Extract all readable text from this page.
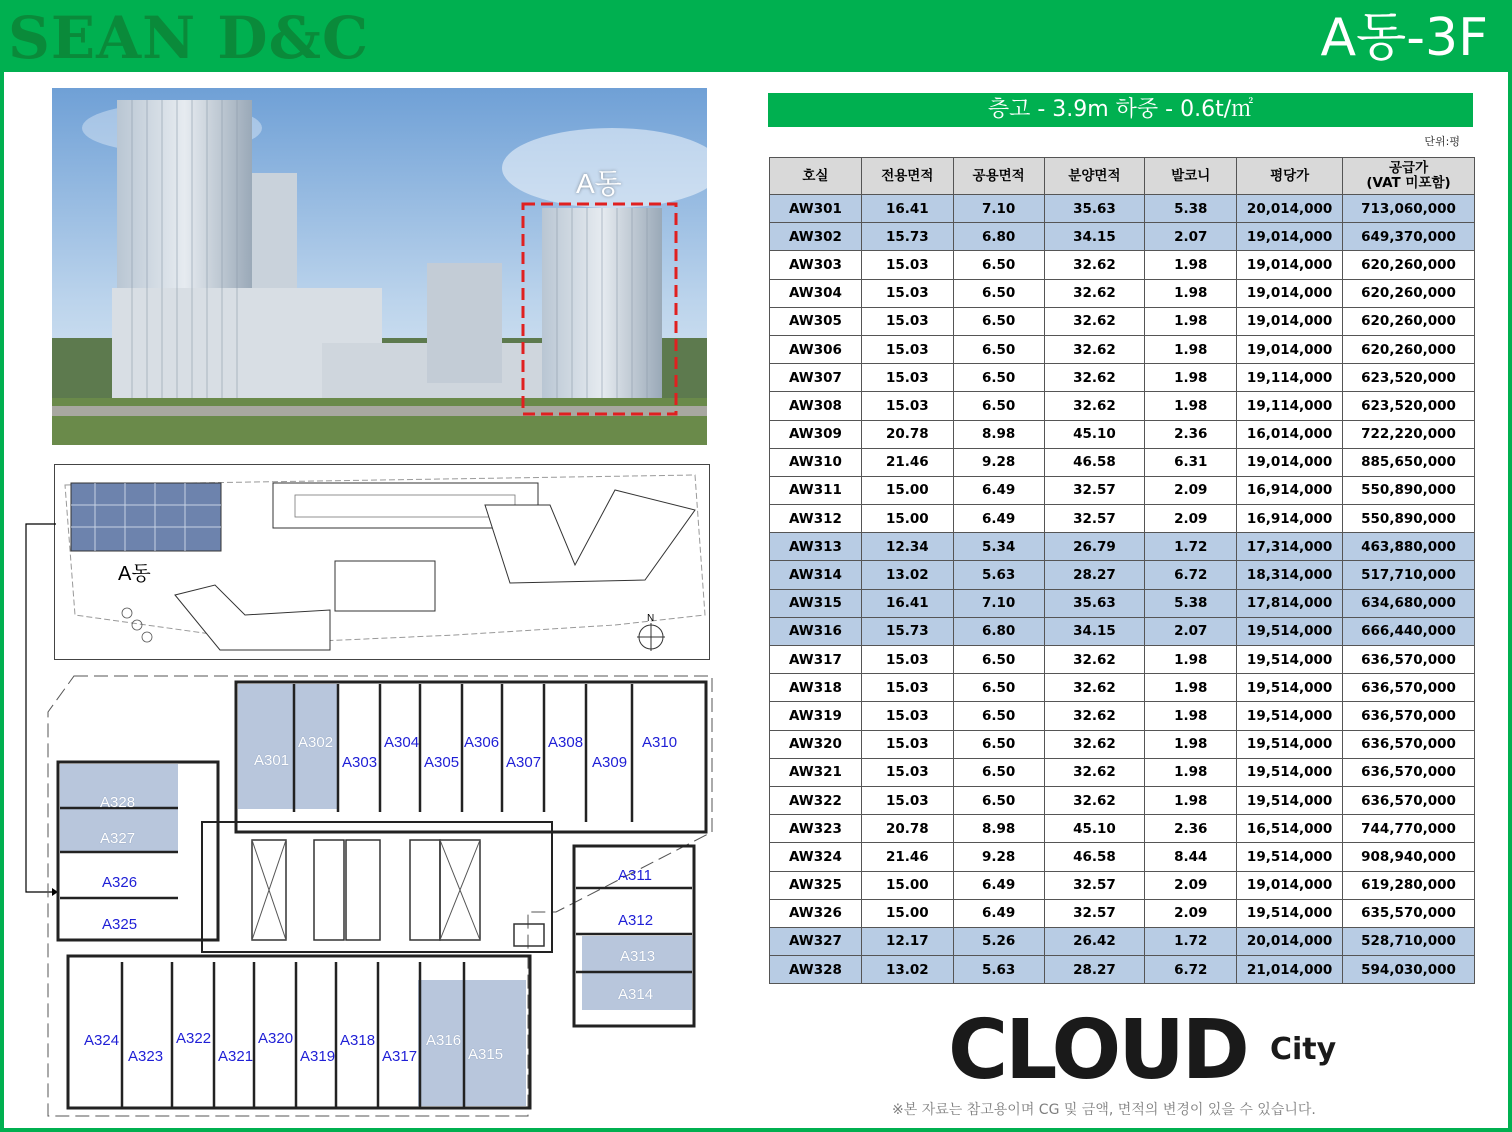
SEAN D&C	A동-3F
A동
N
A동
A301
A302
A303
A304
A305
A306
A307
A308
A309
A310
A311
A312
A313
A314
A315
A316
A317
A318
A319
A320
A321
A322
A323
A324
A325
A326
A327
A328
층고 - 3.9m 하중 - 0.6t/㎡
단위:평
호실	전용면적	공용면적	분양면적	발코니	평당가	공급가
(VAT 미포함)
AW301	16.41	7.10	35.63	5.38	20,014,000	713,060,000
AW302	15.73	6.80	34.15	2.07	19,014,000	649,370,000
AW303	15.03	6.50	32.62	1.98	19,014,000	620,260,000
AW304	15.03	6.50	32.62	1.98	19,014,000	620,260,000
AW305	15.03	6.50	32.62	1.98	19,014,000	620,260,000
AW306	15.03	6.50	32.62	1.98	19,014,000	620,260,000
AW307	15.03	6.50	32.62	1.98	19,114,000	623,520,000
AW308	15.03	6.50	32.62	1.98	19,114,000	623,520,000
AW309	20.78	8.98	45.10	2.36	16,014,000	722,220,000
AW310	21.46	9.28	46.58	6.31	19,014,000	885,650,000
AW311	15.00	6.49	32.57	2.09	16,914,000	550,890,000
AW312	15.00	6.49	32.57	2.09	16,914,000	550,890,000
AW313	12.34	5.34	26.79	1.72	17,314,000	463,880,000
AW314	13.02	5.63	28.27	6.72	18,314,000	517,710,000
AW315	16.41	7.10	35.63	5.38	17,814,000	634,680,000
AW316	15.73	6.80	34.15	2.07	19,514,000	666,440,000
AW317	15.03	6.50	32.62	1.98	19,514,000	636,570,000
AW318	15.03	6.50	32.62	1.98	19,514,000	636,570,000
AW319	15.03	6.50	32.62	1.98	19,514,000	636,570,000
AW320	15.03	6.50	32.62	1.98	19,514,000	636,570,000
AW321	15.03	6.50	32.62	1.98	19,514,000	636,570,000
AW322	15.03	6.50	32.62	1.98	19,514,000	636,570,000
AW323	20.78	8.98	45.10	2.36	16,514,000	744,770,000
AW324	21.46	9.28	46.58	8.44	19,514,000	908,940,000
AW325	15.00	6.49	32.57	2.09	19,014,000	619,280,000
AW326	15.00	6.49	32.57	2.09	19,514,000	635,570,000
AW327	12.17	5.26	26.42	1.72	20,014,000	528,710,000
AW328	13.02	5.63	28.27	6.72	21,014,000	594,030,000
CLOUD City
※본 자료는 참고용이며 CG 및 금액, 면적의 변경이 있을 수 있습니다.
